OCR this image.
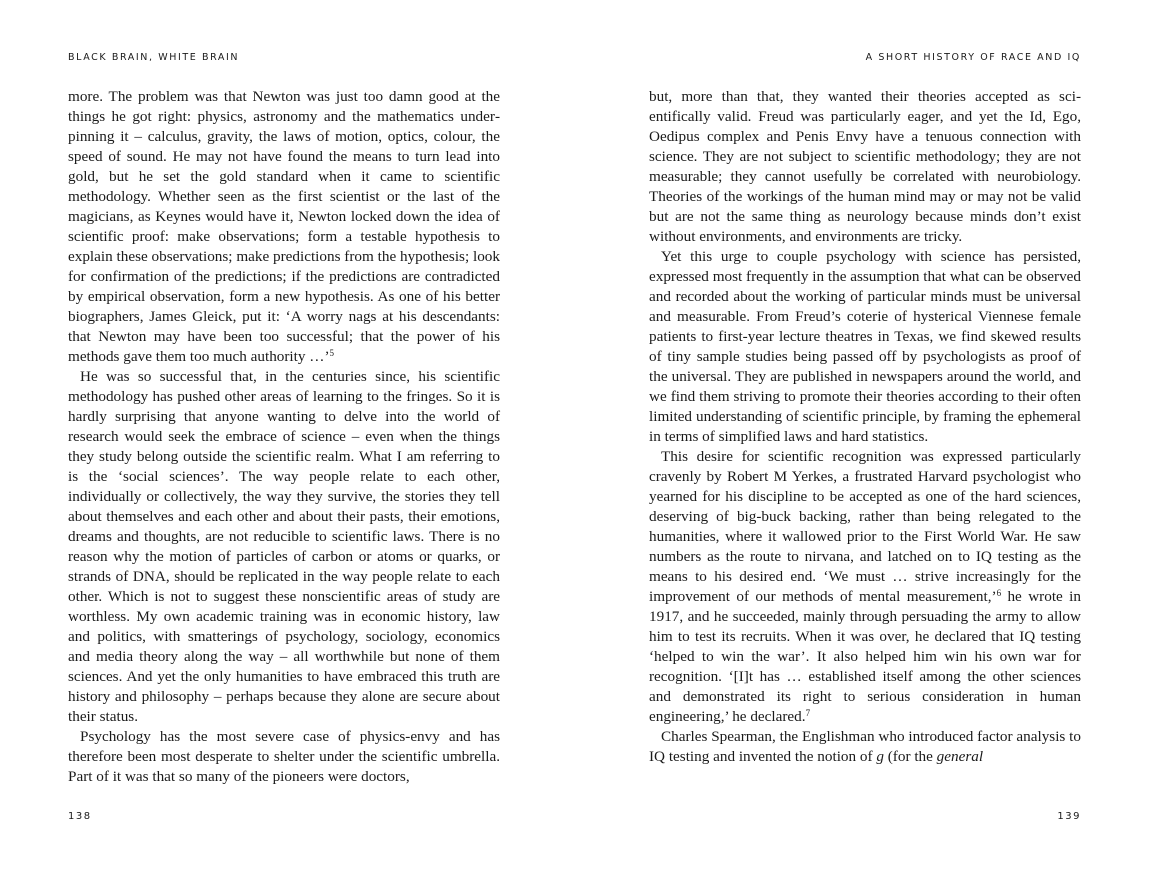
BLACK BRAIN, WHITE BRAIN

more. The problem was that Newton was just too damn good at the things he got right: physics, astronomy and the mathematics underpinning it – calculus, gravity, the laws of motion, optics, colour, the speed of sound. He may not have found the means to turn lead into gold, but he set the gold standard when it came to scientific methodology. Whether seen as the first scientist or the last of the magicians, as Keynes would have it, Newton locked down the idea of scientific proof: make observations; form a testable hypothesis to explain these observations; make predictions from the hypothesis; look for confirmation of the predictions; if the predictions are contradicted by empirical observation, form a new hypothesis. As one of his better biographers, James Gleick, put it: ‘A worry nags at his descendants: that Newton may have been too successful; that the power of his methods gave them too much authority …’$^5$

He was so successful that, in the centuries since, his scientific methodology has pushed other areas of learning to the fringes. So it is hardly surprising that anyone wanting to delve into the world of research would seek the embrace of science – even when the things they study belong outside the scientific realm. What I am referring to is the ‘social sciences’. The way people relate to each other, individually or collectively, the way they survive, the stories they tell about themselves and each other and about their pasts, their emotions, dreams and thoughts, are not reducible to scientific laws. There is no reason why the motion of particles of carbon or atoms or quarks, or strands of DNA, should be replicated in the way people relate to each other. Which is not to suggest these nonscientific areas of study are worthless. My own academic training was in economic history, law and politics, with smatterings of psychology, sociology, economics and media theory along the way – all worthwhile but none of them sciences. And yet the only humanities to have embraced this truth are history and philosophy – perhaps because they alone are secure about their status.

Psychology has the most severe case of physics-envy and has therefore been most desperate to shelter under the scientific umbrella. Part of it was that so many of the pioneers were doctors,

138
A SHORT HISTORY OF RACE AND IQ

but, more than that, they wanted their theories accepted as scientifically valid. Freud was particularly eager, and yet the Id, Ego, Oedipus complex and Penis Envy have a tenuous connection with science. They are not subject to scientific methodology; they are not measurable; they cannot usefully be correlated with neurobiology. Theories of the workings of the human mind may or may not be valid but are not the same thing as neurology because minds don’t exist without environments, and environments are tricky.

Yet this urge to couple psychology with science has persisted, expressed most frequently in the assumption that what can be observed and recorded about the working of particular minds must be universal and measurable. From Freud’s coterie of hysterical Viennese female patients to first-year lecture theatres in Texas, we find skewed results of tiny sample studies being passed off by psychologists as proof of the universal. They are published in newspapers around the world, and we find them striving to promote their theories according to their often limited understanding of scientific principle, by framing the ephemeral in terms of simplified laws and hard statistics.

This desire for scientific recognition was expressed particularly cravenly by Robert M Yerkes, a frustrated Harvard psychologist who yearned for his discipline to be accepted as one of the hard sciences, deserving of big-buck backing, rather than being relegated to the humanities, where it wallowed prior to the First World War. He saw numbers as the route to nirvana, and latched on to IQ testing as the means to his desired end. ‘We must … strive increasingly for the improvement of our methods of mental measurement,’$^6$ he wrote in 1917, and he succeeded, mainly through persuading the army to allow him to test its recruits. When it was over, he declared that IQ testing ‘helped to win the war’. It also helped him win his own war for recognition. ‘[I]t has … established itself among the other sciences and demonstrated its right to serious consideration in human engineering,’ he declared.$^7$

Charles Spearman, the Englishman who introduced factor analysis to IQ testing and invented the notion of g (for the general

139
